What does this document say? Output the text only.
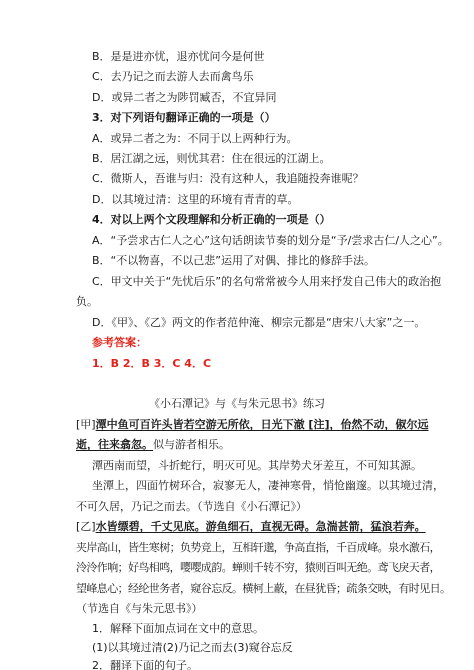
B．是是进亦忧，退亦忧问今是何世
C．去乃记之而去游人去而禽鸟乐
D．或异二者之为陟罚臧否，不宜异同
3．对下列语句翻译正确的一项是（）
A．或异二者之为：不同于以上两种行为。
B．居江湖之远，则忧其君：住在很远的江湖上。
C．微斯人，吾谁与归：没有这种人，我追随投奔谁呢？
D．以其境过清：这里的环境有青青的草。
4．对以上两个文段理解和分析正确的一项是（）
A．“予尝求古仁人之心”这句话朗读节奏的划分是“予/尝求古仁/人之心”。
B．“不以物喜，不以己悲”运用了对偶、排比的修辞手法。
C．甲文中关于“先忧后乐”的名句常常被今人用来抒发自己伟大的政治抱
负。
D．《甲》、《乙》两文的作者范仲淹、柳宗元都是“唐宋八大家”之一。
参考答案：
1．B 2．B 3．C 4．C
《小石潭记》与《与朱元思书》练习
[甲]潭中鱼可百许头皆若空游无所依，日光下澈 [注]，佁然不动，俶尔远
逝，往来翕忽。似与游者相乐。
潭西南而望，斗折蛇行，明灭可见。其岸势犬牙差互，不可知其源。
坐潭上，四面竹树环合，寂寥无人，凄神寒骨，悄怆幽邃。以其境过清，
不可久居，乃记之而去。（节选自《小石潭记》）
[乙]水皆缥碧，千丈见底。游鱼细石，直视无碍。急湍甚箭，猛浪若奔。
夹岸高山，皆生寒树；负势竞上，互相轩邈，争高直指，千百成峰。泉水激石，
泠泠作响；好鸟相鸣，嘤嘤成韵。蝉则千转不穷，猿则百叫无绝。鸢飞戾天者，
望峰息心；经纶世务者，窥谷忘反。横柯上蔽，在昼犹昏；疏条交映，有时见日。
（节选自《与朱元思书》）
1．解释下面加点词在文中的意思。
(1)以其境过清(2)乃记之而去(3)窥谷忘反
2．翻译下面的句子。
